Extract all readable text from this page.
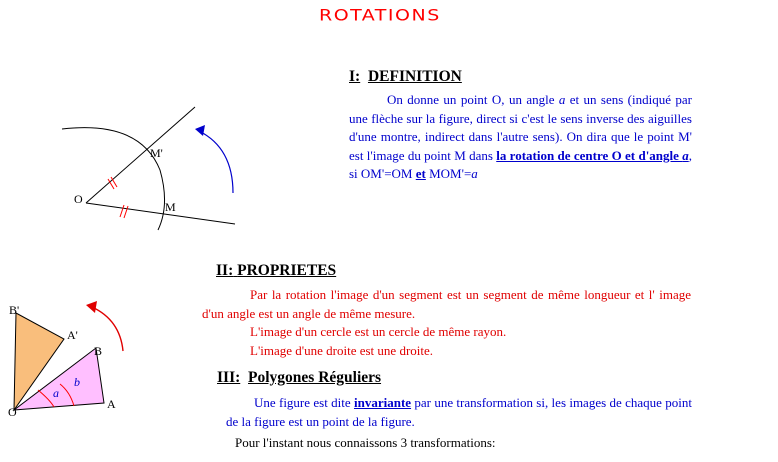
ROTATIONS
O
M
M'
B'
A'
B
A
O
a
b
I: DEFINITION
On donne un point O, un angle a et un sens (indiqué par une flèche sur la figure, direct si c'est le sens inverse des aiguilles d'une montre, indirect dans l'autre sens). On dira que le point M' est l'image du point M dans la rotation de centre O et d'angle a, si OM'=OM et MOM'=a
II: PROPRIETES
Par la rotation l'image d'un segment est un segment de même longueur et l' image d'un angle est un angle de même mesure.
L'image d'un cercle est un cercle de même rayon.
L'image d'une droite est une droite.
III: Polygones Réguliers
Une figure est dite invariante par une transformation si, les images de chaque point de la figure est un point de la figure.
Pour l'instant nous connaissons 3 transformations:
